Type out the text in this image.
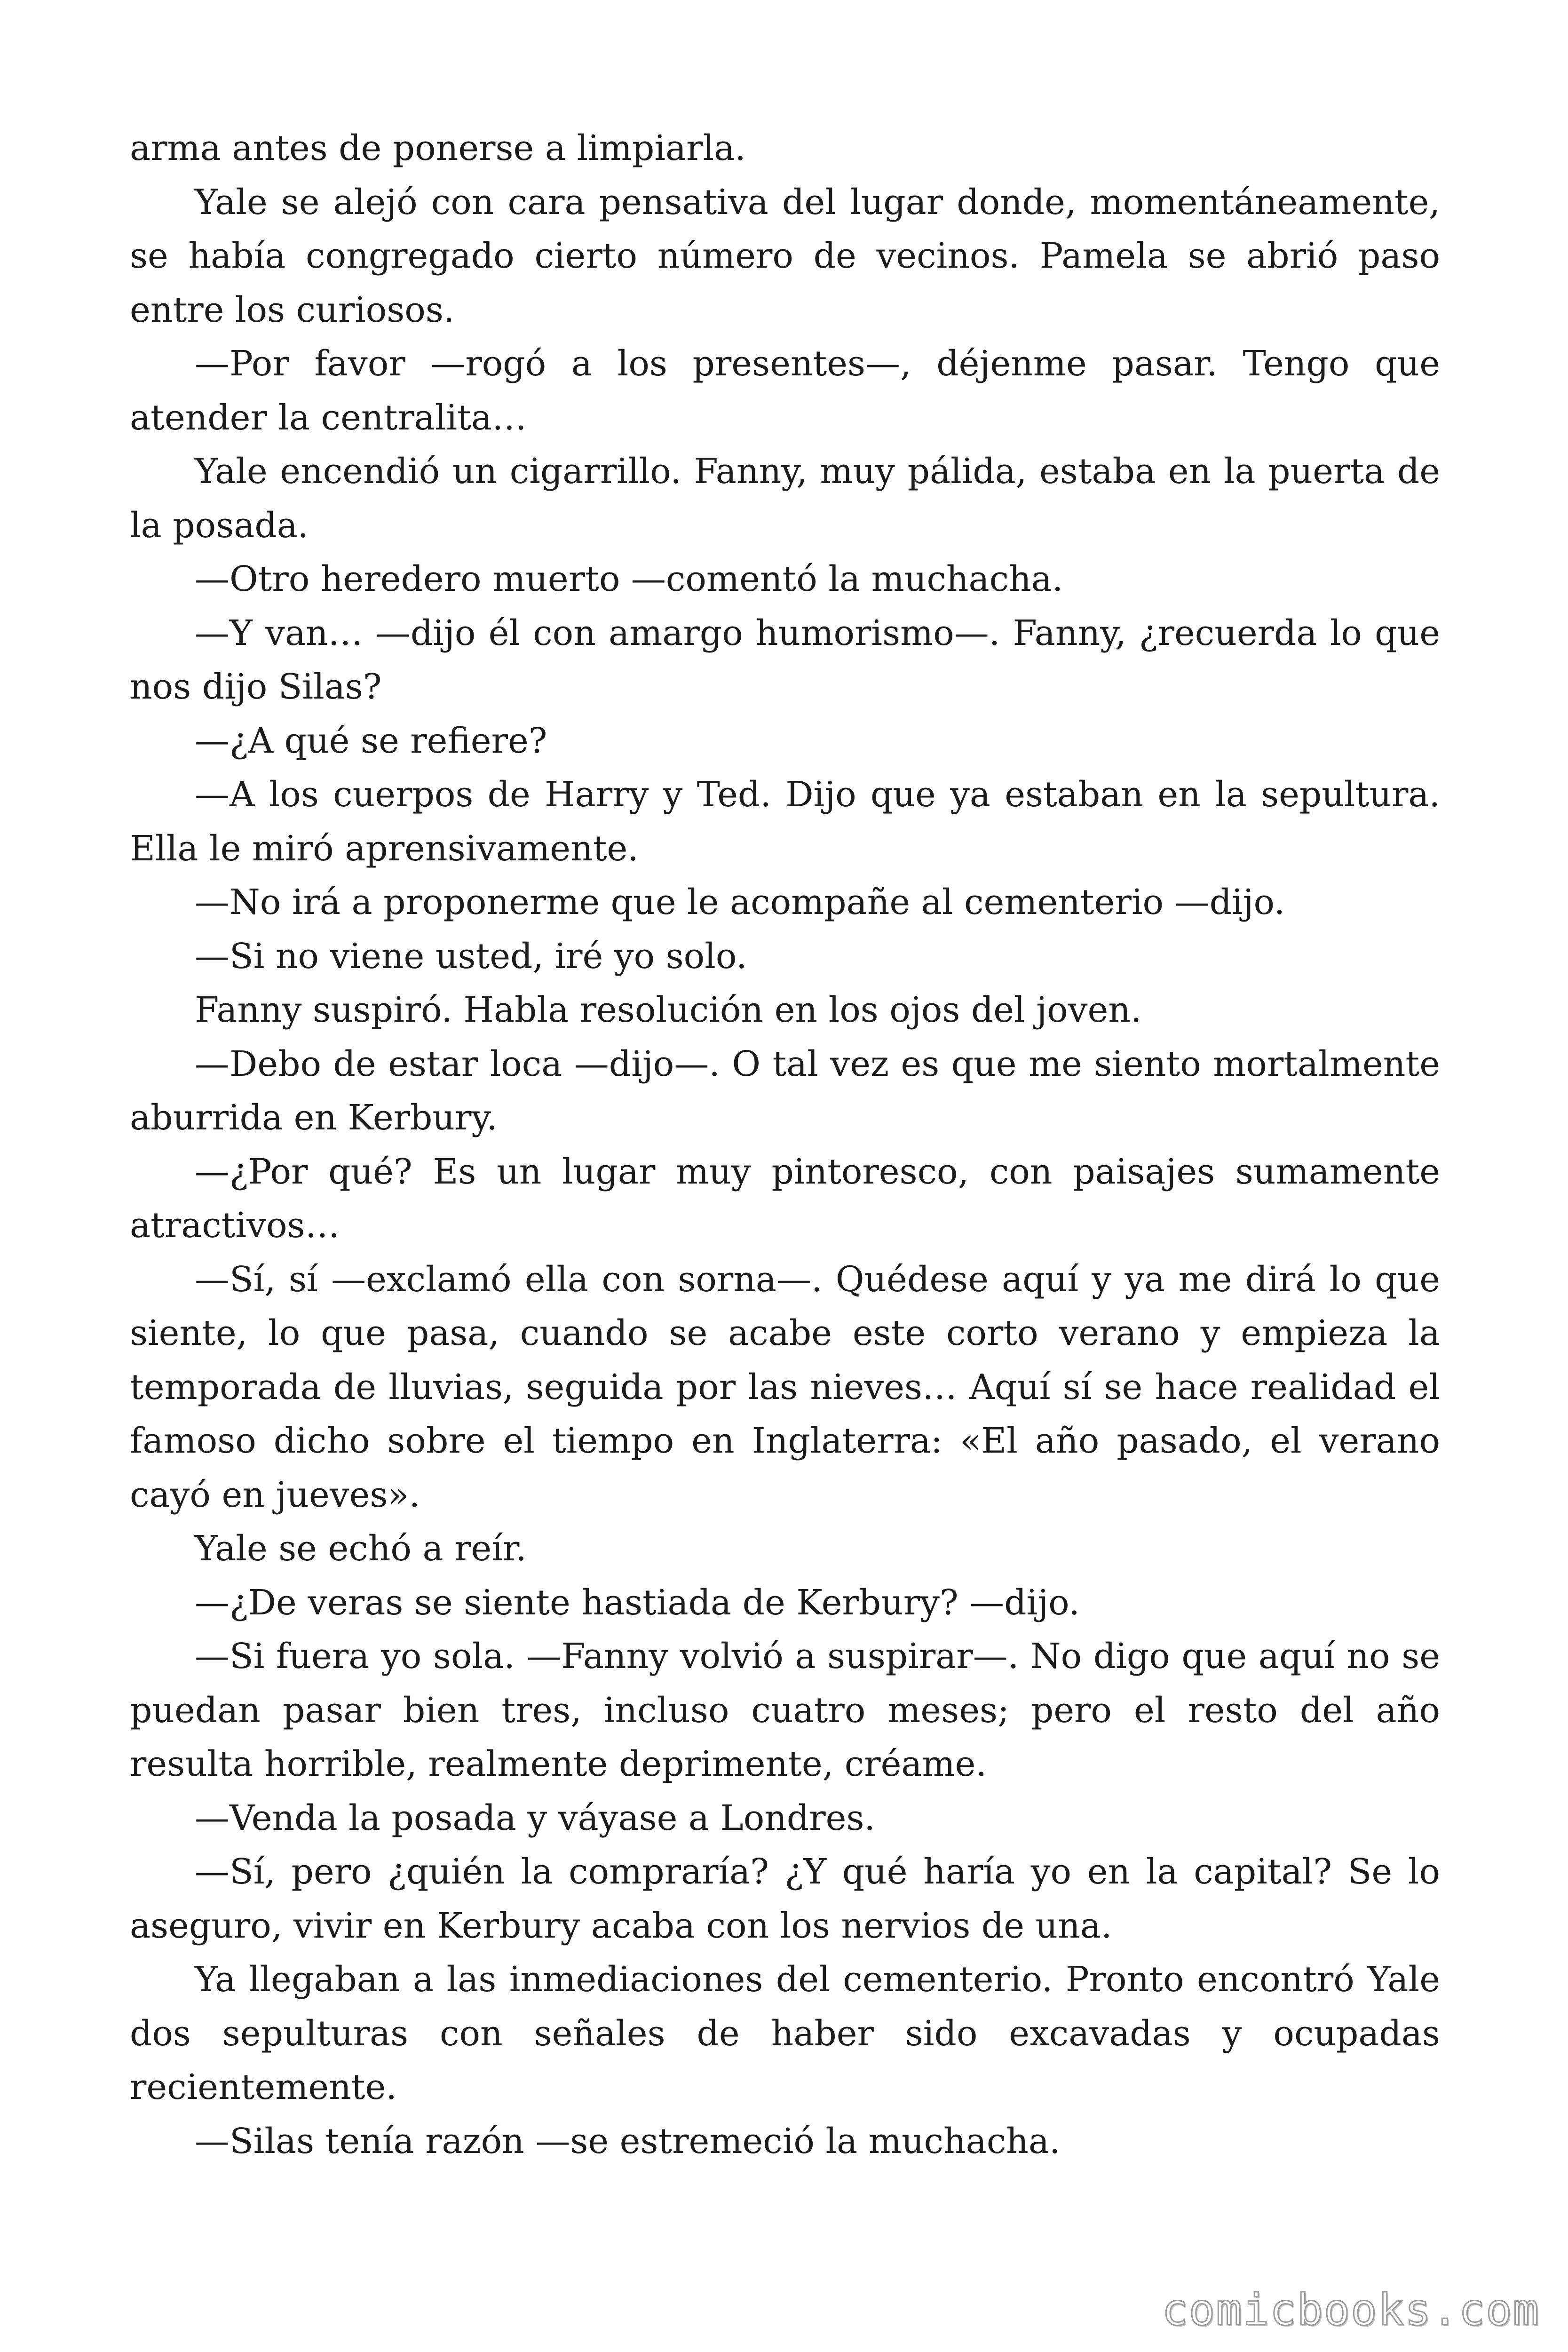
arma antes de ponerse a limpiarla.

Yale se alejó con cara pensativa del lugar donde, momentáneamente, se había congregado cierto número de vecinos. Pamela se abrió paso entre los curiosos.

—Por favor —rogó a los presentes—, déjenme pasar. Tengo que atender la centralita…

Yale encendió un cigarrillo. Fanny, muy pálida, estaba en la puerta de la posada.

—Otro heredero muerto —comentó la muchacha.

—Y van… —dijo él con amargo humorismo—. Fanny, ¿recuerda lo que nos dijo Silas?

—¿A qué se refiere?

—A los cuerpos de Harry y Ted. Dijo que ya estaban en la sepultura. Ella le miró aprensivamente.

—No irá a proponerme que le acompañe al cementerio —dijo.

—Si no viene usted, iré yo solo.

Fanny suspiró. Habla resolución en los ojos del joven.

—Debo de estar loca —dijo—. O tal vez es que me siento mortalmente aburrida en Kerbury.

—¿Por qué? Es un lugar muy pintoresco, con paisajes sumamente atractivos…

—Sí, sí —exclamó ella con sorna—. Quédese aquí y ya me dirá lo que siente, lo que pasa, cuando se acabe este corto verano y empieza la temporada de lluvias, seguida por las nieves… Aquí sí se hace realidad el famoso dicho sobre el tiempo en Inglaterra: «El año pasado, el verano cayó en jueves».

Yale se echó a reír.

—¿De veras se siente hastiada de Kerbury? —dijo.

—Si fuera yo sola. —Fanny volvió a suspirar—. No digo que aquí no se puedan pasar bien tres, incluso cuatro meses; pero el resto del año resulta horrible, realmente deprimente, créame.

—Venda la posada y váyase a Londres.

—Sí, pero ¿quién la compraría? ¿Y qué haría yo en la capital? Se lo aseguro, vivir en Kerbury acaba con los nervios de una.

Ya llegaban a las inmediaciones del cementerio. Pronto encontró Yale dos sepulturas con señales de haber sido excavadas y ocupadas recientemente.

—Silas tenía razón —se estremeció la muchacha.

comicbooks.com
